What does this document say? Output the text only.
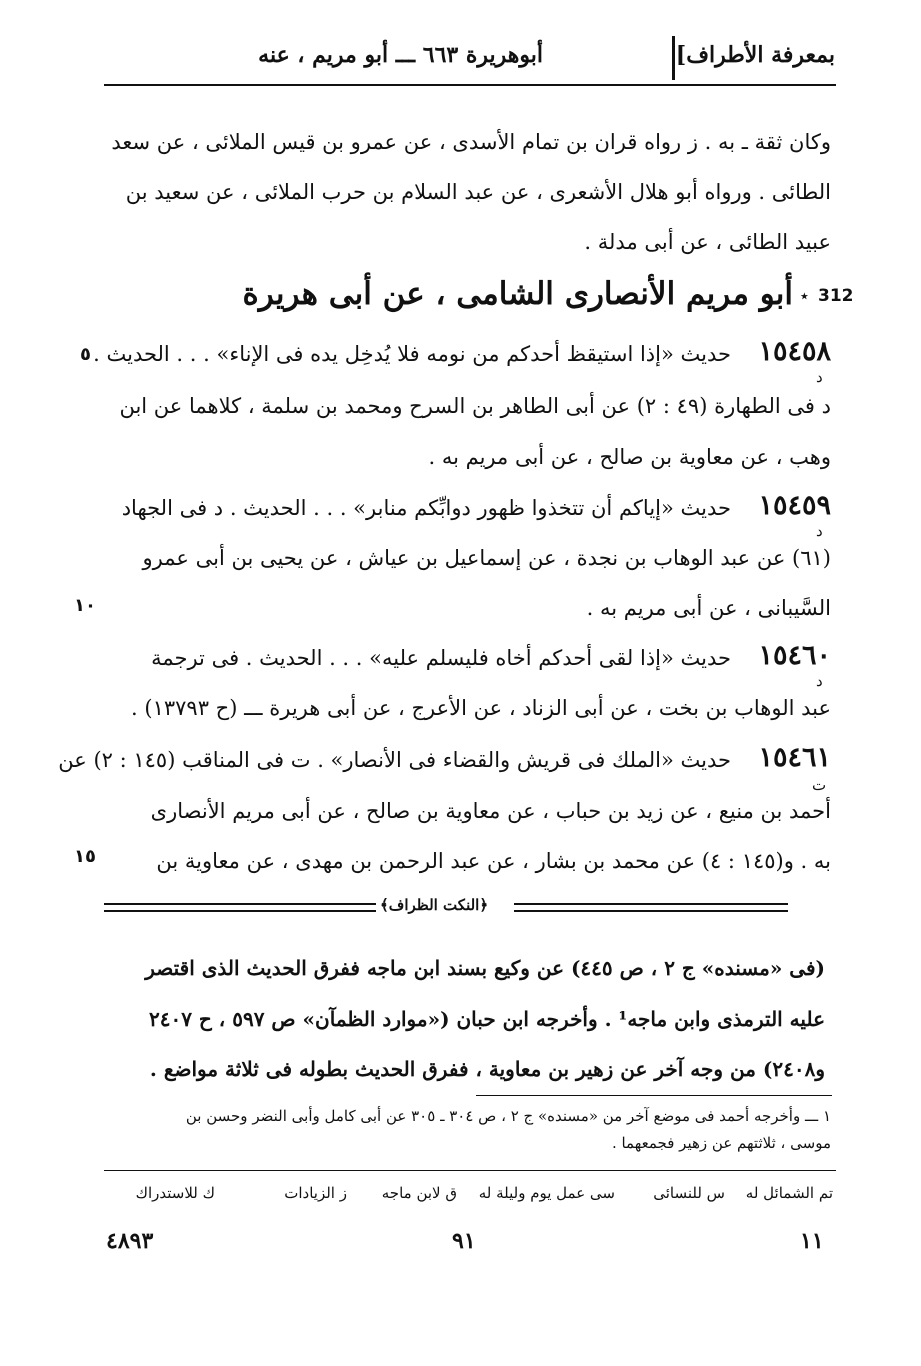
بمعرفة الأطراف]
أبوهريرة ٦٦٣ ـــ أبو مريم ، عنه
وكان ثقة ـ به . ز رواه قران بن تمام الأسدى ، عن عمرو بن قيس الملائى ، عن سعد
الطائى . ورواه أبو هلال الأشعرى ، عن عبد السلام بن حرب الملائى ، عن سعيد بن
عبيد الطائى ، عن أبى مدلة .
312
٭
أبو مريم الأنصارى الشامى ، عن أبى هريرة
١٥٤٥٨
د
حديث «إذا استيقظ أحدكم من نومه فلا يُدخِل يده فى الإناء» . . . الحديث .
د فى الطهارة (٤٩ : ٢) عن أبى الطاهر بن السرح ومحمد بن سلمة ، كلاهما عن ابن
وهب ، عن معاوية بن صالح ، عن أبى مريم به .
٥
١٥٤٥٩
د
حديث «إياكم أن تتخذوا ظهور دوابِّكم منابر» . . . الحديث . د فى الجهاد
(٦١) عن عبد الوهاب بن نجدة ، عن إسماعيل بن عياش ، عن يحيى بن أبى عمرو
السَّيبانى ، عن أبى مريم به .
١٠
١٥٤٦٠
د
حديث «إذا لقى أحدكم أخاه فليسلم عليه» . . . الحديث . فى ترجمة
عبد الوهاب بن بخت ، عن أبى الزناد ، عن الأعرج ، عن أبى هريرة ـــ (ح ١٣٧٩٣) .
١٥٤٦١
ت
حديث «الملك فى قريش والقضاء فى الأنصار» . ت فى المناقب (١٤٥ : ٢) عن
أحمد بن منيع ، عن زيد بن حباب ، عن معاوية بن صالح ، عن أبى مريم الأنصارى
به . و(١٤٥ : ٤) عن محمد بن بشار ، عن عبد الرحمن بن مهدى ، عن معاوية بن
١٥
﴿النكت الظراف﴾
(فى «مسنده» ج ٢ ، ص ٤٤٥) عن وكيع بسند ابن ماجه ففرق الحديث الذى اقتصر
عليه الترمذى وابن ماجه¹ . وأخرجه ابن حبان («موارد الظمآن» ص ٥٩٧ ، ح ٢٤٠٧
و٢٤٠٨) من وجه آخر عن زهير بن معاوية ، ففرق الحديث بطوله فى ثلاثة مواضع .
١ ـــ وأخرجه أحمد فى موضع آخر من «مسنده» ج ٢ ، ص ٣٠٤ ـ ٣٠٥ عن أبى كامل وأبى النضر وحسن بن
موسى ، ثلاثتهم عن زهير فجمعهما .
تم الشمائل له
س للنسائى
سى عمل يوم وليلة له
ق لابن ماجه
ز الزيادات
ك للاستدراك
١١
٩١
٤٨٩٣
